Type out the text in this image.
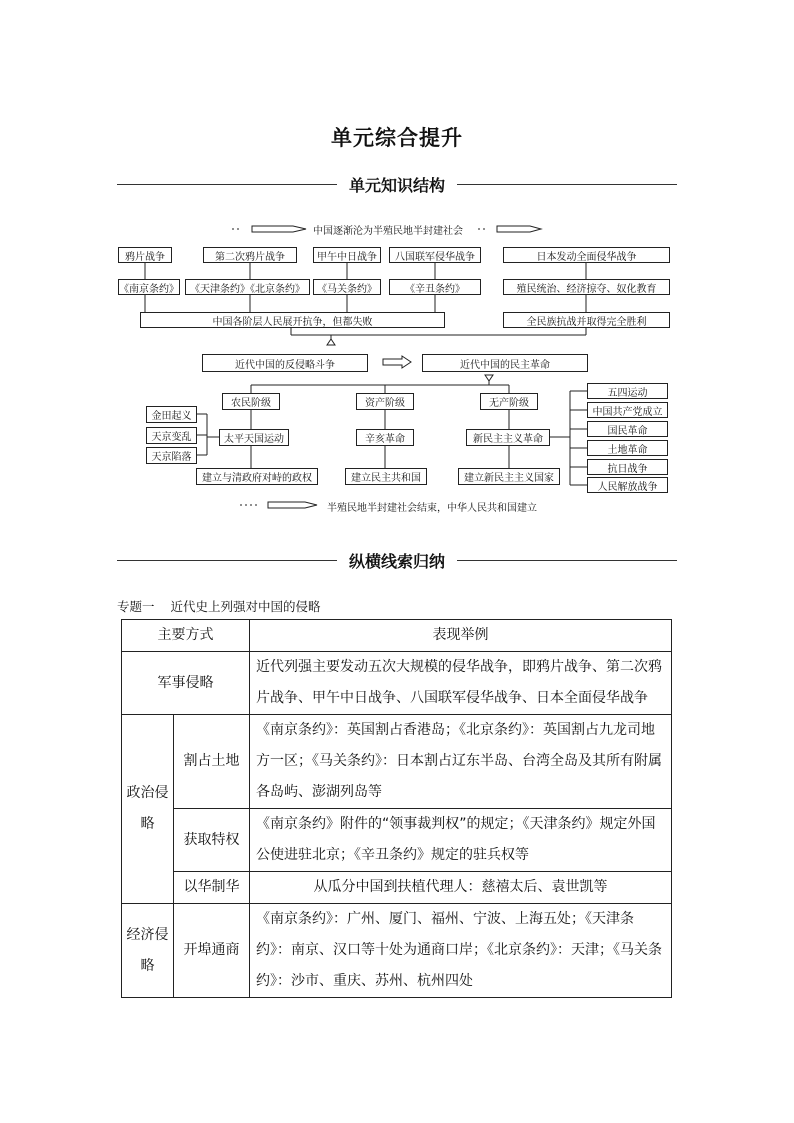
单元综合提升
单元知识结构
中国逐渐沦为半殖民地半封建社会
鸦片战争	第二次鸦片战争	甲午中日战争	八国联军侵华战争	日本发动全面侵华战争
《南京条约》	《天津条约》《北京条约》	《马关条约》	《辛丑条约》	殖民统治、经济掠夺、奴化教育
中国各阶层人民展开抗争，但都失败	全民族抗战并取得完全胜利
近代中国的反侵略斗争	近代中国的民主革命
农民阶级	资产阶级	无产阶级
太平天国运动	辛亥革命	新民主主义革命
建立与清政府对峙的政权	建立民主共和国	建立新民主主义国家
金田起义
天京变乱
天京陷落
五四运动
中国共产党成立
国民革命
土地革命
抗日战争
人民解放战争
半殖民地半封建社会结束，中华人民共和国建立
纵横线索归纳
专题一 近代史上列强对中国的侵略
主要方式		表现举例
军事侵略		近代列强主要发动五次大规模的侵华战争，即鸦片战争、第二次鸦片战争、甲午中日战争、八国联军侵华战争、日本全面侵华战争
政治侵略	割占土地	《南京条约》：英国割占香港岛；《北京条约》：英国割占九龙司地方一区；《马关条约》：日本割占辽东半岛、台湾全岛及其所有附属各岛屿、澎湖列岛等
	获取特权	《南京条约》附件的“领事裁判权”的规定；《天津条约》规定外国公使进驻北京；《辛丑条约》规定的驻兵权等
	以华制华	从瓜分中国到扶植代理人：慈禧太后、袁世凯等
经济侵略	开埠通商	《南京条约》：广州、厦门、福州、宁波、上海五处；《天津条约》：南京、汉口等十处为通商口岸；《北京条约》：天津；《马关条约》：沙市、重庆、苏州、杭州四处
